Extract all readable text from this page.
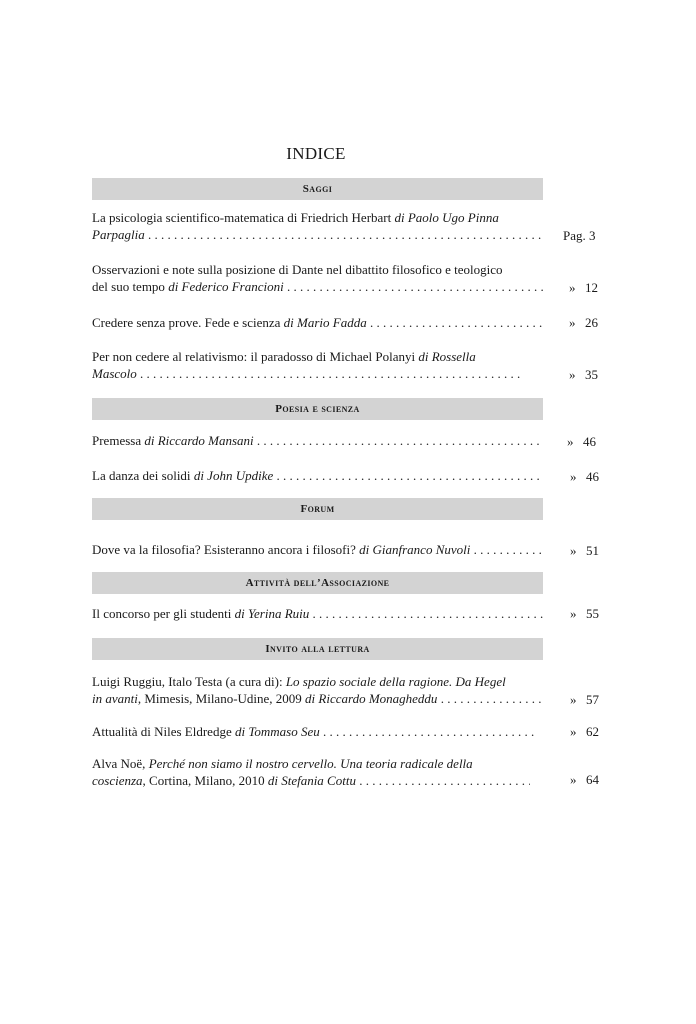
INDICE
Saggi
La psicologia scientifico-matematica di Friedrich Herbart di Paolo Ugo Pinna
Parpaglia . . .	Pag. 3
Osservazioni e note sulla posizione di Dante nel dibattito filosofico e teologico
del suo tempo di Federico Francioni . . .	» 12
Credere senza prove. Fede e scienza di Mario Fadda . . .	» 26
Per non cedere al relativismo: il paradosso di Michael Polanyi di Rossella
Mascolo . . .	» 35
Poesia e scienza
Premessa di Riccardo Mansani . . .	» 46
La danza dei solidi di John Updike . . .	» 46
Forum
Dove va la filosofia? Esisteranno ancora i filosofi? di Gianfranco Nuvoli . . .	» 51
Attività dell’Associazione
Il concorso per gli studenti di Yerina Ruiu . . .	» 55
Invito alla lettura
Luigi Ruggiu, Italo Testa (a cura di): Lo spazio sociale della ragione. Da Hegel
in avanti, Mimesis, Milano-Udine, 2009 di Riccardo Monagheddu . . .	» 57
Attualità di Niles Eldredge di Tommaso Seu . . .	» 62
Alva Noë, Perché non siamo il nostro cervello. Una teoria radicale della
coscienza, Cortina, Milano, 2010 di Stefania Cottu . . .	» 64
